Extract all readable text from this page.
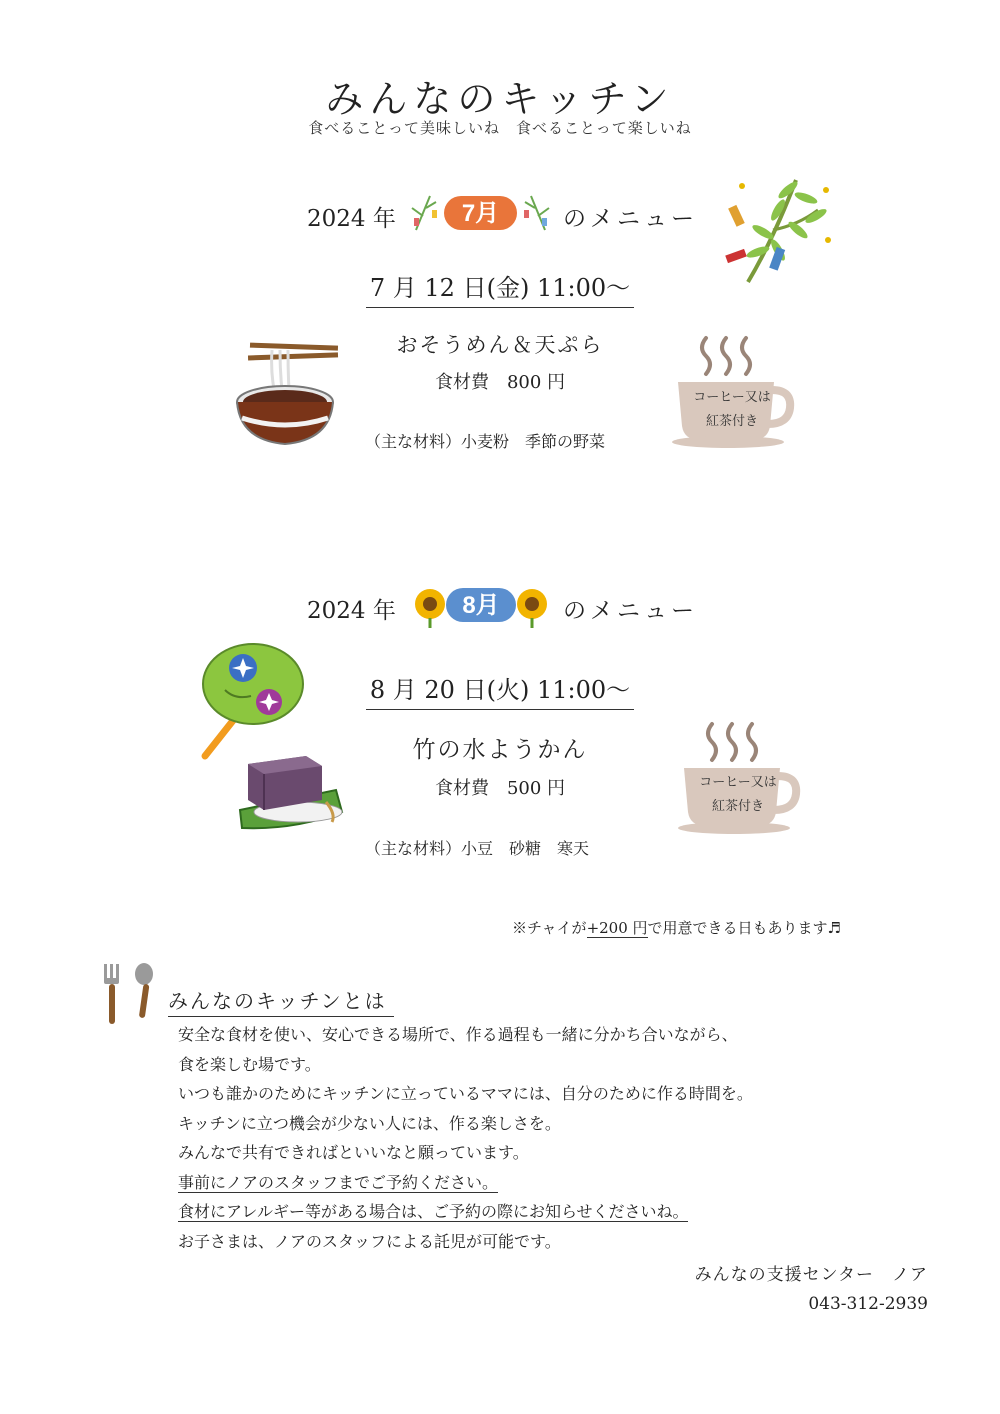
みんなのキッチン
食べることって美味しいね　食べることって楽しいね
2024 年	7月	のメニュー
7 月 12 日(金) 11:00～
おそうめん＆天ぷら
食材費　800 円
（主な材料）小麦粉　季節の野菜
コーヒー又は
紅茶付き
2024 年	8月	のメニュー
8 月 20 日(火) 11:00～
竹の水ようかん
食材費　500 円
（主な材料）小豆　砂糖　寒天
コーヒー又は
紅茶付き
※チャイが+200 円で用意できる日もあります♬
みんなのキッチンとは
安全な食材を使い、安心できる場所で、作る過程も一緒に分かち合いながら、
食を楽しむ場です。
いつも誰かのためにキッチンに立っているママには、自分のために作る時間を。
キッチンに立つ機会が少ない人には、作る楽しさを。
みんなで共有できればといいなと願っています。
事前にノアのスタッフまでご予約ください。
食材にアレルギー等がある場合は、ご予約の際にお知らせくださいね。
お子さまは、ノアのスタッフによる託児が可能です。
みんなの支援センター　ノア
043-312-2939
